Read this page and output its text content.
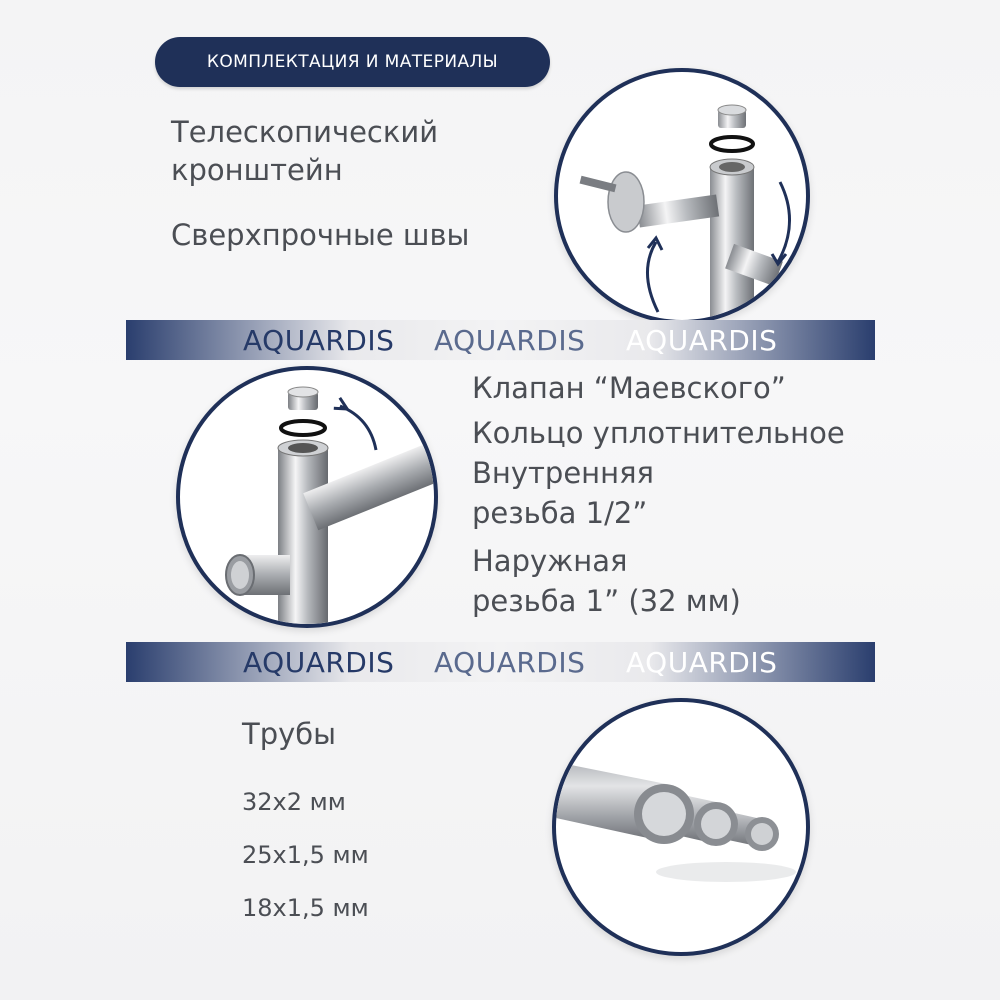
КОМПЛЕКТАЦИЯ И МАТЕРИАЛЫ
Телескопический
кронштейн
Сверхпрочные швы
AQUARDIS AQUARDIS AQUARDIS
Клапан “Маевского”
Кольцо уплотнительное
Внутренняя
резьба 1/2”
Наружная
резьба 1” (32 мм)
AQUARDIS AQUARDIS AQUARDIS
Трубы
32х2 мм
25х1,5 мм
18х1,5 мм
